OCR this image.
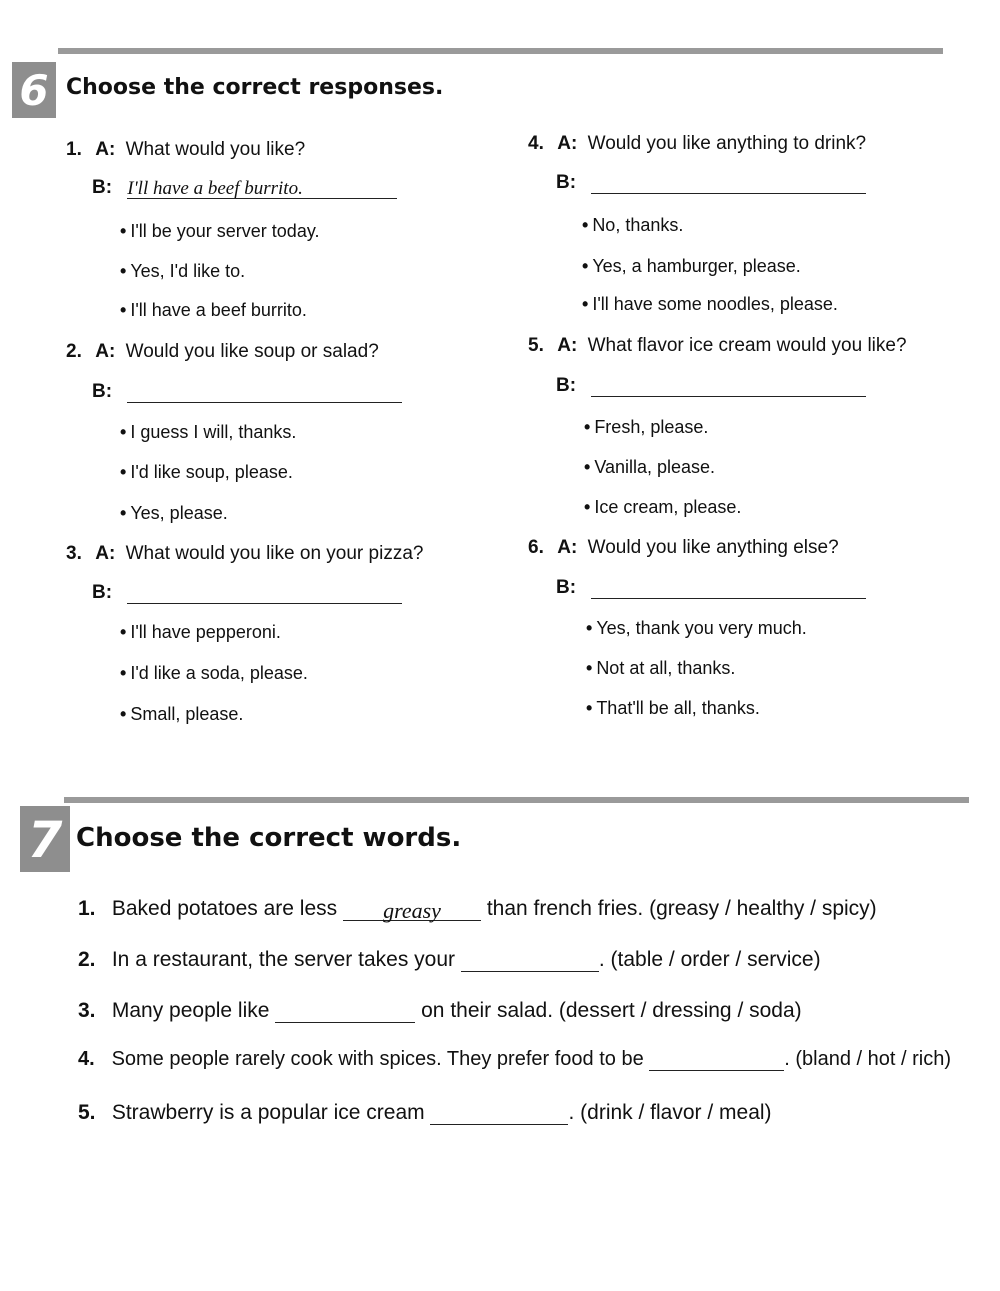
6 Choose the correct responses.
1. A: What would you like?
B: I'll have a beef burrito.
• I'll be your server today.
• Yes, I'd like to.
• I'll have a beef burrito.
2. A: Would you like soup or salad?
B:
• I guess I will, thanks.
• I'd like soup, please.
• Yes, please.
3. A: What would you like on your pizza?
B:
• I'll have pepperoni.
• I'd like a soda, please.
• Small, please.
4. A: Would you like anything to drink?
B:
• No, thanks.
• Yes, a hamburger, please.
• I'll have some noodles, please.
5. A: What flavor ice cream would you like?
B:
• Fresh, please.
• Vanilla, please.
• Ice cream, please.
6. A: Would you like anything else?
B:
• Yes, thank you very much.
• Not at all, thanks.
• That'll be all, thanks.
7 Choose the correct words.
1. Baked potatoes are less greasy than french fries. (greasy / healthy / spicy)
2. In a restaurant, the server takes your	. (table / order / service)
3. Many people like	on their salad. (dessert / dressing / soda)
4. Some people rarely cook with spices. They prefer food to be	. (bland / hot / rich)
5. Strawberry is a popular ice cream	. (drink / flavor / meal)
